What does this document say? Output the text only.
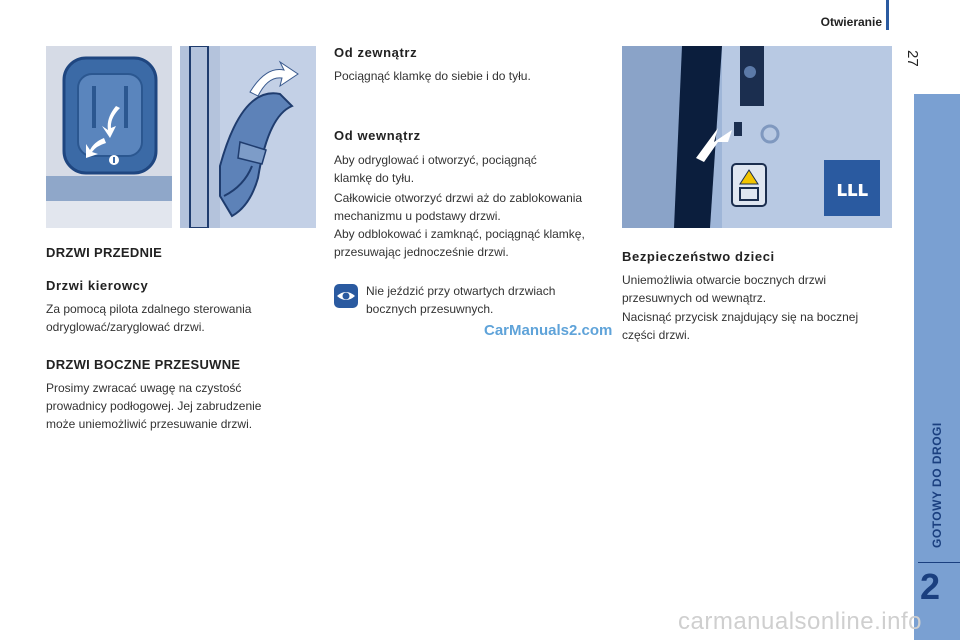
Otwieranie
27
GOTOWY DO DROGI
2
ւււ
DRZWI PRZEDNIE
Drzwi kierowcy

Za pomocą pilota zdalnego sterowania

odryglować/zaryglować drzwi.

DRZWI BOCZNE PRZESUWNE

Prosimy zwracać uwagę na czystość

prowadnicy podłogowej. Jej zabrudzenie

może uniemożliwić przesuwanie drzwi.

Od zewnątrz

Pociągnąć klamkę do siebie i do tyłu.

Od wewnątrz

Aby odryglować i otworzyć, pociągnąć

klamkę do tyłu.

Całkowicie otworzyć drzwi aż do zablokowania

mechanizmu u podstawy drzwi.

Aby odblokować i zamknąć, pociągnąć klamkę,

przesuwając jednocześnie drzwi.

Nie jeździć przy otwartych drzwiach

bocznych przesuwnych.

CarManuals2.com
Bezpieczeństwo dzieci

Uniemożliwia otwarcie bocznych drzwi

przesuwnych od wewnątrz.

Nacisnąć przycisk znajdujący się na bocznej

części drzwi.

carmanualsonline.info
